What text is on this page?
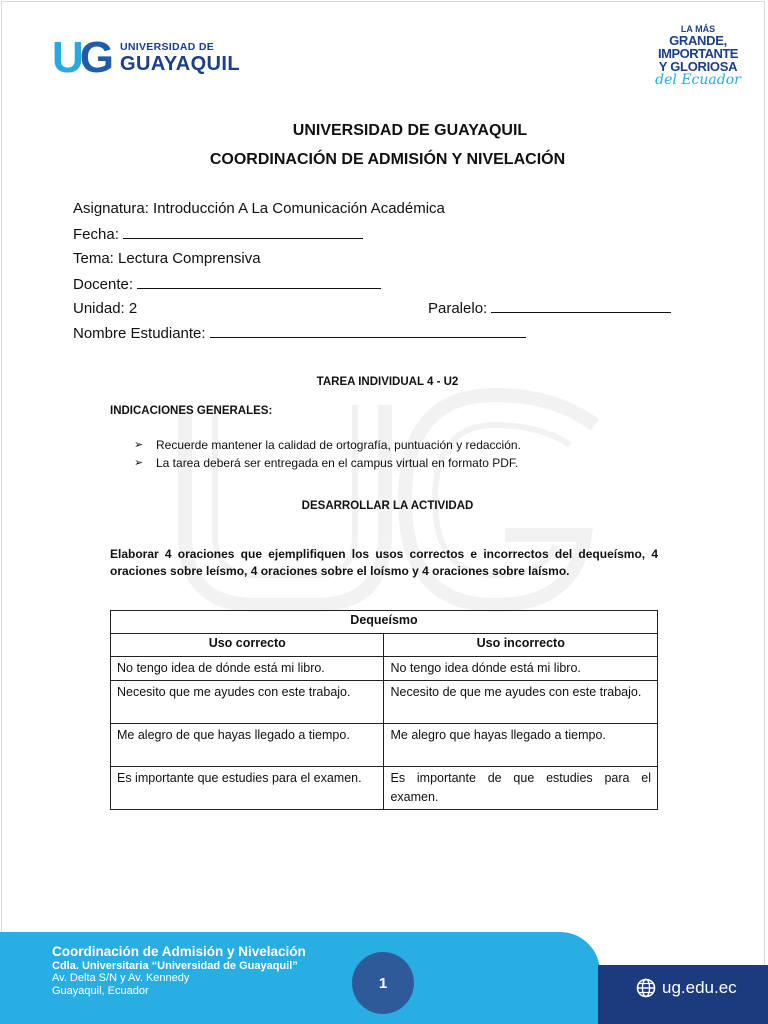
UG UNIVERSIDAD DE
GUAYAQUIL
LA MÁS
GRANDE,
IMPORTANTE
Y GLORIOSA
del Ecuador
UNIVERSIDAD DE GUAYAQUIL
COORDINACIÓN DE ADMISIÓN Y NIVELACIÓN
Asignatura: Introducción A La Comunicación Académica
Fecha:
Tema: Lectura Comprensiva
Docente:
Unidad: 2	Paralelo:
Nombre Estudiante:
TAREA INDIVIDUAL 4 - U2
INDICACIONES GENERALES:
➢	Recuerde mantener la calidad de ortografía, puntuación y redacción.
➢	La tarea deberá ser entregada en el campus virtual en formato PDF.
DESARROLLAR LA ACTIVIDAD
Elaborar 4 oraciones que ejemplifiquen los usos correctos e incorrectos del dequeísmo, 4 oraciones sobre leísmo, 4 oraciones sobre el loísmo y 4 oraciones sobre laísmo.
Dequeísmo	
Uso correcto	Uso incorrecto
No tengo idea de dónde está mi libro.	No tengo idea dónde está mi libro.
Necesito que me ayudes con este trabajo.	Necesito de que me ayudes con este trabajo.
Me alegro de que hayas llegado a tiempo.	Me alegro que hayas llegado a tiempo.
Es importante que estudies para el examen.	Es importante de que estudies para el examen.
Coordinación de Admisión y Nivelación
Cdla. Universitaria “Universidad de Guayaquil”
Av. Delta S/N y Av. Kennedy
Guayaquil, Ecuador	1	ug.edu.ec
